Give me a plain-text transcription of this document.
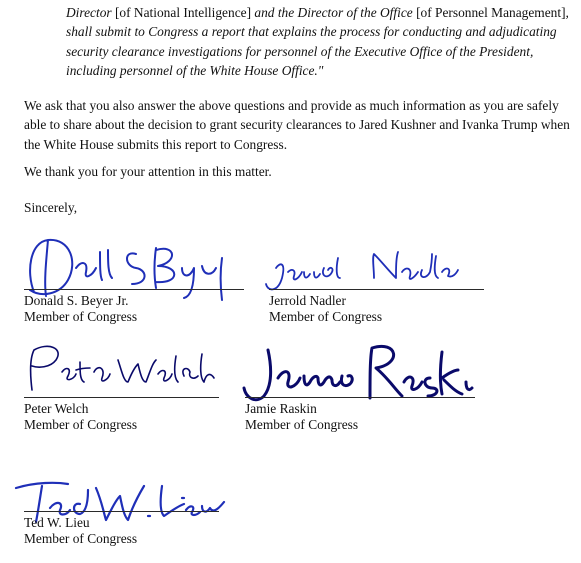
Director [of National Intelligence] and the Director of the Office [of Personnel Management], shall submit to Congress a report that explains the process for conducting and adjudicating security clearance investigations for personnel of the Executive Office of the President, including personnel of the White House Office."

We ask that you also answer the above questions and provide as much information as you are safely able to share about the decision to grant security clearances to Jared Kushner and Ivanka Trump when the White House submits this report to Congress.

We thank you for your attention in this matter.

Sincerely,

Donald S. Beyer Jr.
Member of Congress
Jerrold Nadler
Member of Congress
Peter Welch
Member of Congress
Jamie Raskin
Member of Congress
Ted W. Lieu
Member of Congress
